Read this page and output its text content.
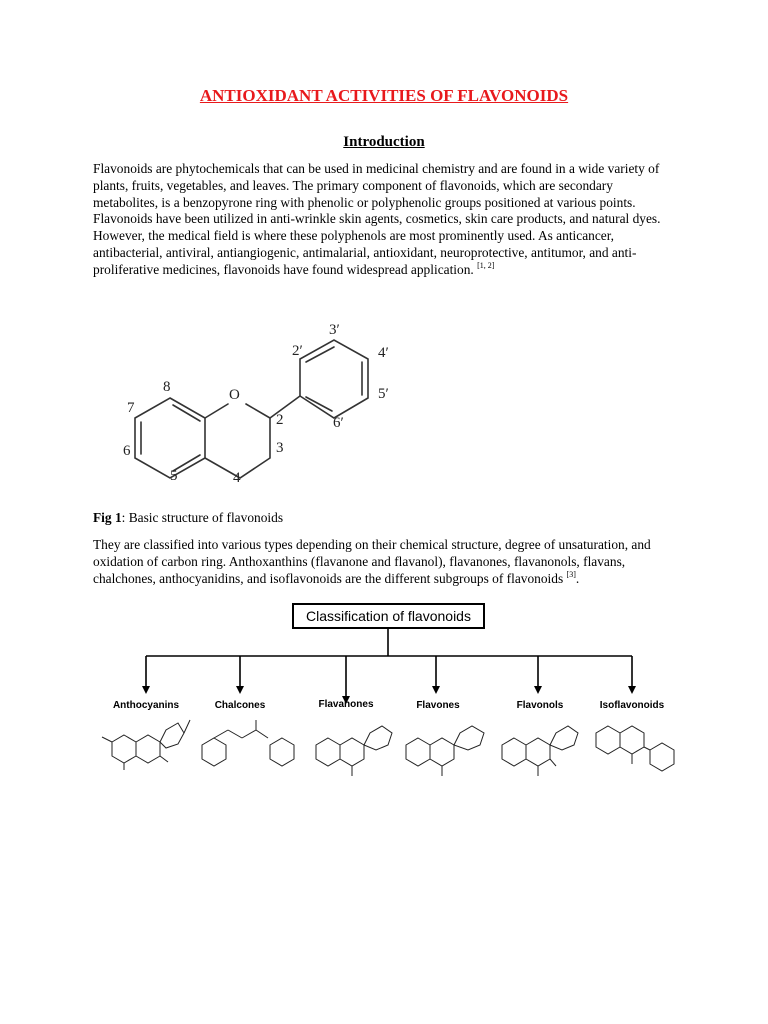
ANTIOXIDANT ACTIVITIES OF FLAVONOIDS
Introduction

Flavonoids are phytochemicals that can be used in medicinal chemistry and are found in a wide variety of plants, fruits, vegetables, and leaves. The primary component of flavonoids, which are secondary metabolites, is a benzopyrone ring with phenolic or polyphenolic groups positioned at various points. Flavonoids have been utilized in anti-wrinkle skin agents, cosmetics, skin care products, and natural dyes. However, the medical field is where these polyphenols are most prominently used. As anticancer, antibacterial, antiviral, antiangiogenic, antimalarial, antioxidant, neuroprotective, antitumor, and anti-proliferative medicines, flavonoids have found widespread application. [1, 2]

O
2
3
4
5
6
7
8
2′
3′
4′
5′
6′
Fig 1: Basic structure of flavonoids

They are classified into various types depending on their chemical structure, degree of unsaturation, and oxidation of carbon ring. Anthoxanthins (flavanone and flavanol), flavanones, flavanonols, flavans, chalchones, anthocyanidins, and isoflavonoids are the different subgroups of flavonoids [3].

Classification of flavonoids
Anthocyanins	Chalcones	Flavanones	Flavones	Flavonols	Isoflavonoids
